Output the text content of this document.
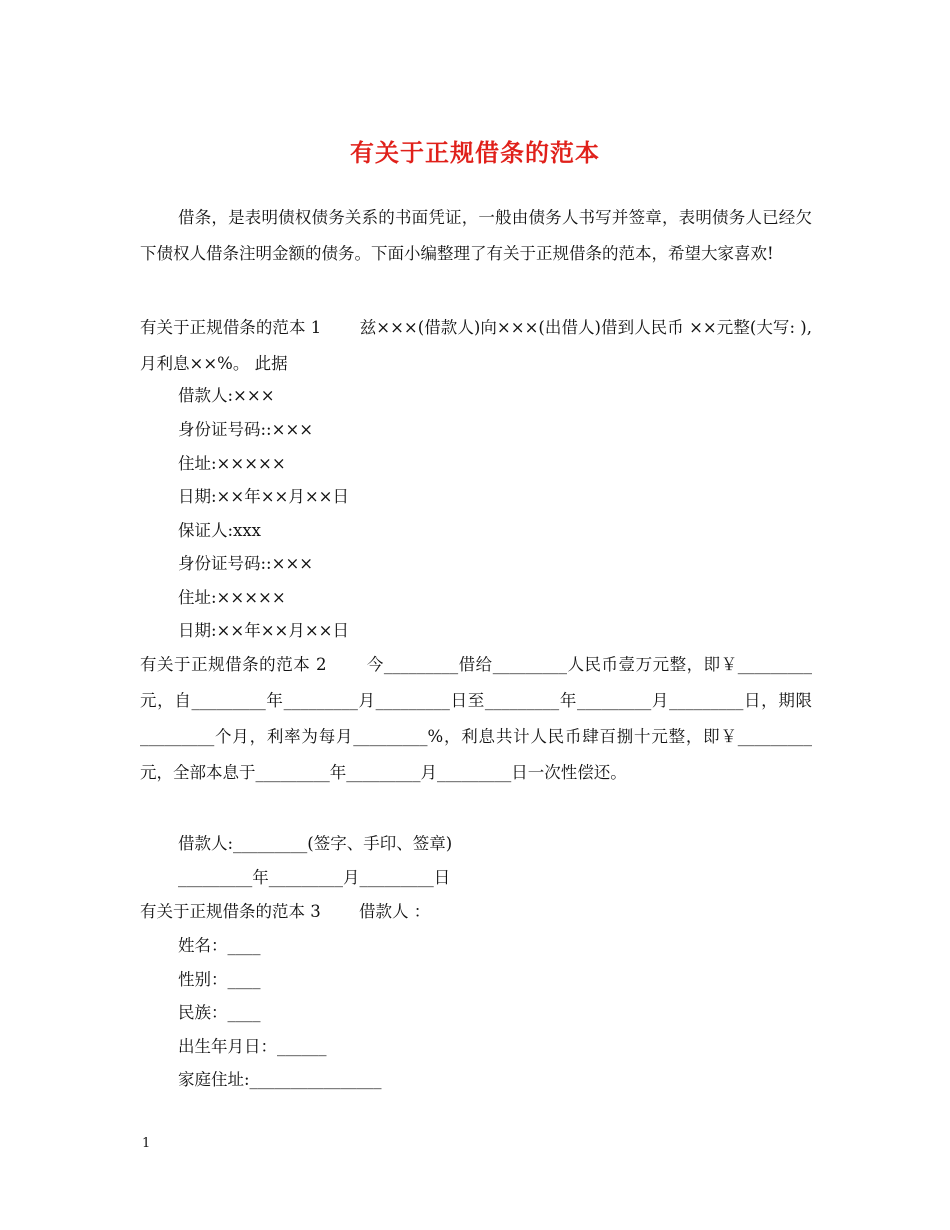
有关于正规借条的范本
借条，是表明债权债务关系的书面凭证，一般由债务人书写并签章，表明债务人已经欠下债权人借条注明金额的债务。下面小编整理了有关于正规借条的范本，希望大家喜欢!
有关于正规借条的范本 1　　 兹×××(借款人)向×××(出借人)借到人民币 ××元整(大写: ),月利息××%。 此据
借款人:×××
身份证号码::×××
住址:×××××
日期:××年××月××日
保证人:xxx
身份证号码::×××
住址:×××××
日期:××年××月××日
有关于正规借条的范本 2　　 今_________借给_________人民币壹万元整，即￥_________元，自_________年_________月_________日至_________年_________月_________日，期限_________个月，利率为每月_________%，利息共计人民币肆百捌十元整，即￥_________元，全部本息于_________年_________月_________日一次性偿还。
借款人:_________(签字、手印、签章)
_________年_________月_________日
有关于正规借条的范本 3　　 借款人 ：
姓名：____
性别：____
民族：____
出生年月日：______
家庭住址:________________
1
